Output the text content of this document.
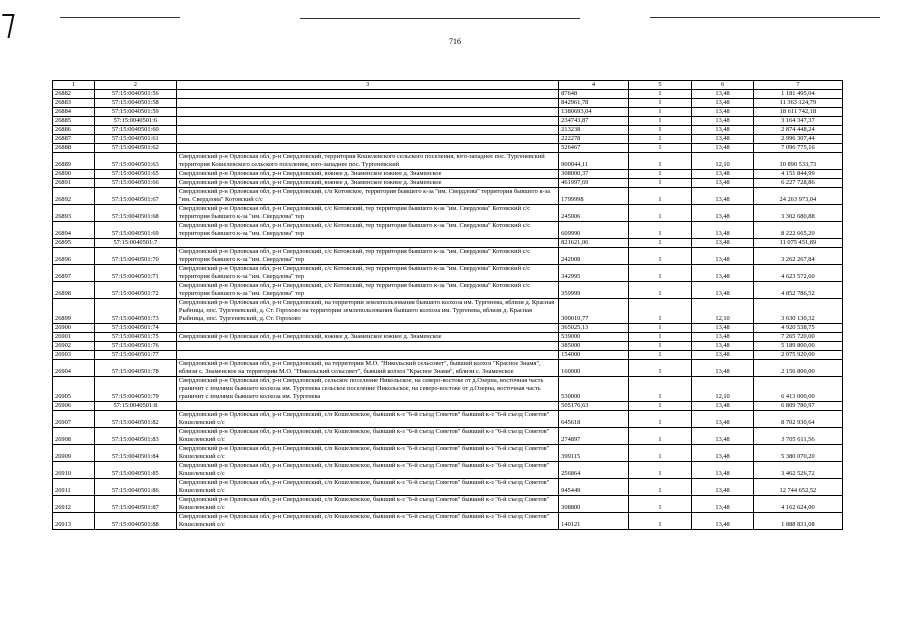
716
1	2	3	4	5	6	7
26882	57:15:0040501:56		87648	1	13,48	1 181 495,04
26883	57:15:0040501:58		842961,78	1	13,48	11 363 124,79
26884	57:15:0040501:59		1380693,04	1	13,48	18 611 742,18
26885	57:15:0040501:6		234743,87	1	13,48	3 164 347,37
26886	57:15:0040501:60		213238	1	13,48	2 874 448,24
26887	57:15:0040501:61		222278	1	13,48	2 996 307,44
26888	57:15:0040501:62		526467	1	13,48	7 096 775,16
26889	57:15:0040501:63	Свердловский р-н Орловская обл, р-н Свердловский, территория Кошелевского сельского поселения, юго-западнее пос. Тургеневский территория Кошелевского сельского поселения, юго-западнее пос. Тургеневский	900044,11	1	12,10	10 890 533,73
26890	57:15:0040501:65	Свердловский р-н Орловская обл, р-н Свердловский, южнее д. Знаменское южнее д. Знаменское	308000,37	1	13,48	4 151 844,99
26891	57:15:0040501:66	Свердловский р-н Орловская обл, р-н Свердловский, южнее д. Знаменское южнее д. Знаменское	461997,69	1	13,48	6 227 728,86
26892	57:15:0040501:67	Свердловский р-н Орловская обл, р-н Свердловский, с/п Котовское, территория бывшего к-за "им. Свердлова" территория бывшего к-за "им. Свердлова" Котовский с/с	1799998	1	13,48	24 263 973,04
26893	57:15:0040501:68	Свердловский р-н Орловская обл, р-н Свердловский, с/с Котовский, тер территория бывшего к-за "им. Свердлова" Котовский с/с территория бывшего к-за "им. Свердлова" тер	245006	1	13,48	3 302 680,88
26894	57:15:0040501:69	Свердловский р-н Орловская обл, р-н Свердловский, с/с Котовский, тер территория бывшего к-за "им. Свердлова" Котовский с/с территория бывшего к-за "им. Свердлова" тер	609990	1	13,48	8 222 665,20
26895	57:15:0040501:7		821621,06	1	13,48	11 075 451,89
26896	57:15:0040501:70	Свердловский р-н Орловская обл, р-н Свердловский, с/с Котовский, тер территория бывшего к-за "им. Свердлова" Котовский с/с территория бывшего к-за "им. Свердлова" тер	242008	1	13,48	3 262 267,84
26897	57:15:0040501:71	Свердловский р-н Орловская обл, р-н Свердловский, с/с Котовский, тер территория бывшего к-за "им. Свердлова" Котовский с/с территория бывшего к-за "им. Свердлова" тер	342995	1	13,48	4 623 572,60
26898	57:15:0040501:72	Свердловский р-н Орловская обл, р-н Свердловский, с/с Котовский, тер территория бывшего к-за "им. Свердлова" Котовский с/с территория бывшего к-за "им. Свердлова" тер	359999	1	13,48	4 852 786,52
26899	57:15:0040501:73	Свердловский р-н Орловская обл, р-н Свердловский, на территории землепользования бывшего колхоза им. Тургенева, вблизи д. Красная Рыбница, пос. Тургеневский, д. Ст. Горохово на территории землепользования бывшего колхоза им. Тургенева, вблизи д. Красная Рыбница, пос. Тургеневский, д. Ст. Горохово	300010,77	1	12,10	3 630 130,32
26900	57:15:0040501:74		365025,13	1	13,48	4 920 538,75
26901	57:15:0040501:75	Свердловский р-н Орловская обл, р-н Свердловский, южнее д. Знаменское южнее д. Знаменское	539000	1	13,48	7 265 720,00
26902	57:15:0040501:76		385000	1	13,48	5 189 800,00
26903	57:15:0040501:77		154000	1	13,48	2 075 920,00
26904	57:15:0040501:78	Свердловский р-н Орловская обл, р-н Свердловский, на территории М.О. "Никольский сельсовет", бывший колхоз "Красное Знамя", вблизи с. Знаменское на территории М.О. "Никольский сельсовет", бывший колхоз "Красное Знамя", вблизи с. Знаменское	160000	1	13,48	2 156 800,00
26905	57:15:0040501:79	Свердловский р-н Орловская обл, р-н Свердловский, сельское поселение Никольское, на северо-востоке от д.Озерна, восточная часть граничит с землями бывшего колхоза им. Тургенева сельское поселение Никольское, на северо-востоке от д.Озерна, восточная часть граничит с землями бывшего колхоза им. Тургенева	530000	1	12,10	6 413 000,00
26906	57:15:0040501:8		505176,63	1	13,48	6 809 780,97
26907	57:15:0040501:82	Свердловский р-н Орловская обл, р-н Свердловский, с/п Кошелевское, бывший к-з "6-й съезд Советов" бывший к-з "6-й съезд Советов" Кошелевский с/с	645618	1	13,48	8 702 930,64
26908	57:15:0040501:83	Свердловский р-н Орловская обл, р-н Свердловский, с/п Кошелевское, бывший к-з "6-й съезд Советов" бывший к-з "6-й съезд Советов" Кошелевский с/с	274897	1	13,48	3 705 611,56
26909	57:15:0040501:84	Свердловский р-н Орловская обл, р-н Свердловский, с/п Кошелевское, бывший к-з "6-й съезд Советов" бывший к-з "6-й съезд Советов" Кошелевский с/с	399115	1	13,48	5 380 070,20
26910	57:15:0040501:85	Свердловский р-н Орловская обл, р-н Свердловский, с/п Кошелевское, бывший к-з "6-й съезд Советов" бывший к-з "6-й съезд Советов" Кошелевский с/с	256864	1	13,48	3 462 526,72
26911	57:15:0040501:86	Свердловский р-н Орловская обл, р-н Свердловский, с/п Кошелевское, бывший к-з "6-й съезд Советов" бывший к-з "6-й съезд Советов" Кошелевский с/с	945449	1	13,48	12 744 652,52
26912	57:15:0040501:87	Свердловский р-н Орловская обл, р-н Свердловский, с/п Кошелевское, бывший к-з "6-й съезд Советов" бывший к-з "6-й съезд Советов" Кошелевский с/с	308800	1	13,48	4 162 624,00
26913	57:15:0040501:88	Свердловский р-н Орловская обл, р-н Свердловский, с/п Кошелевское, бывший к-з "6-й съезд Советов" бывший к-з "6-й съезд Советов" Кошелевский с/с	140121	1	13,48	1 888 831,08
